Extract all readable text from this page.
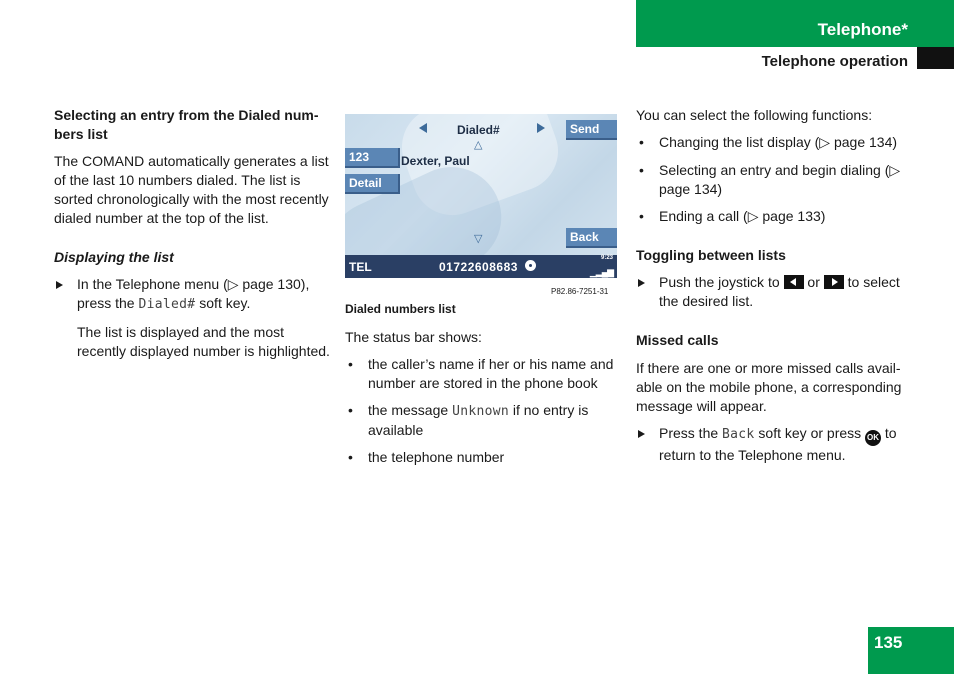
Telephone*
Telephone operation

Selecting an entry from the Dialed num-
bers list

The COMAND automatically generates a list of the last 10 numbers dialed. The list is sorted chronologically with the most recently dialed number at the top of the list.

Displaying the list

In the Telephone menu (▷ page 130), press the Dialed# soft key.

The list is displayed and the most recently displayed number is highlighted.

Dialed#	Send
△
123	Dexter, Paul
Detail
▽	Back
TEL	01722608683
9:23
▁▂▄▆
P82.86-7251-31
Dialed numbers list

The status bar shows:

• the caller’s name if her or his name and number are stored in the phone book
• the message Unknown if no entry is available
• the telephone number

You can select the following functions:

• Changing the list display (▷ page 134)
• Selecting an entry and begin dialing (▷ page 134)
• Ending a call (▷ page 133)

Toggling between lists

Push the joystick to  or  to select the desired list.

Missed calls

If there are one or more missed calls avail- able on the mobile phone, a corresponding message will appear.

Press the Back soft key or press OK to return to the Telephone menu.
135
